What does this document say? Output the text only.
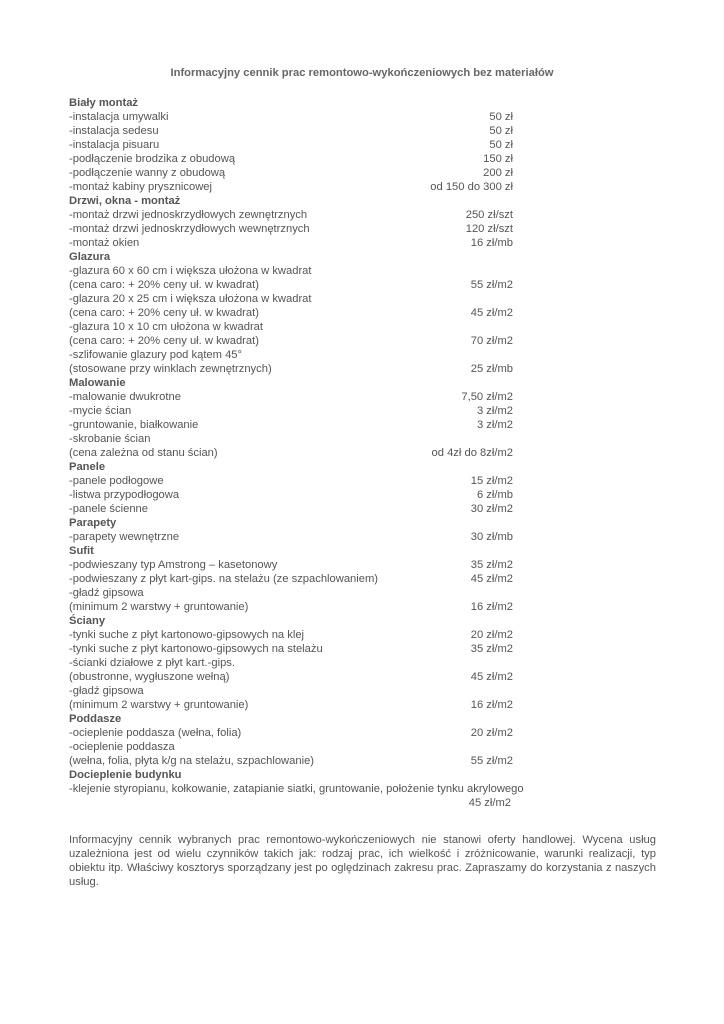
Informacyjny cennik prac remontowo-wykończeniowych bez materiałów
Biały montaż
-instalacja umywalki	50 zł
-instalacja sedesu	50 zł
-instalacja pisuaru	50 zł
-podłączenie brodzika z obudową	150 zł
-podłączenie wanny z obudową	200 zł
-montaż kabiny prysznicowej	od 150 do 300 zł
Drzwi, okna - montaż
-montaż drzwi jednoskrzydłowych zewnętrznych	250 zł/szt
-montaż drzwi jednoskrzydłowych wewnętrznych	120 zł/szt
-montaż okien	16 zł/mb
Glazura
-glazura 60 x 60 cm i większa ułożona w kwadrat
(cena caro: + 20% ceny uł. w kwadrat)	55 zł/m2
-glazura 20 x 25 cm i większa ułożona w kwadrat
(cena caro: + 20% ceny uł. w kwadrat)	45 zł/m2
-glazura 10 x 10 cm ułożona w kwadrat
(cena caro: + 20% ceny uł. w kwadrat)	70 zł/m2
-szlifowanie glazury pod kątem 45°
(stosowane przy winklach zewnętrznych)	25 zł/mb
Malowanie
-malowanie dwukrotne	7,50 zł/m2
-mycie ścian	3 zł/m2
-gruntowanie, białkowanie	3 zł/m2
-skrobanie ścian
(cena zależna od stanu ścian)	od 4zł do 8zł/m2
Panele
-panele podłogowe	15 zł/m2
-listwa przypodłogowa	6 zł/mb
-panele ścienne	30 zł/m2
Parapety
-parapety wewnętrzne	30 zł/mb
Sufit
-podwieszany typ Amstrong – kasetonowy	35 zł/m2
-podwieszany z płyt kart-gips. na stelażu (ze szpachlowaniem)	45 zł/m2
-gładź gipsowa
(minimum 2 warstwy + gruntowanie)	16 zł/m2
Ściany
-tynki suche z płyt kartonowo-gipsowych na klej	20 zł/m2
-tynki suche z płyt kartonowo-gipsowych na stelażu	35 zł/m2
-ścianki działowe z płyt kart.-gips.
(obustronne, wygłuszone wełną)	45 zł/m2
-gładź gipsowa
(minimum 2 warstwy + gruntowanie)	16 zł/m2
Poddasze
-ocieplenie poddasza (wełna, folia)	20 zł/m2
-ocieplenie poddasza
(wełna, folia, płyta k/g na stelażu, szpachlowanie)	55 zł/m2
Docieplenie budynku
-klejenie styropianu, kołkowanie, zatapianie siatki, gruntowanie, położenie tynku akrylowego
45 zł/m2

Informacyjny cennik wybranych prac remontowo-wykończeniowych nie stanowi oferty handlowej. Wycena usług uzależniona jest od wielu czynników takich jak: rodzaj prac, ich wielkość i zróżnicowanie, warunki realizacji, typ obiektu itp. Właściwy kosztorys sporządzany jest po oględzinach zakresu prac. Zapraszamy do korzystania z naszych usług.
